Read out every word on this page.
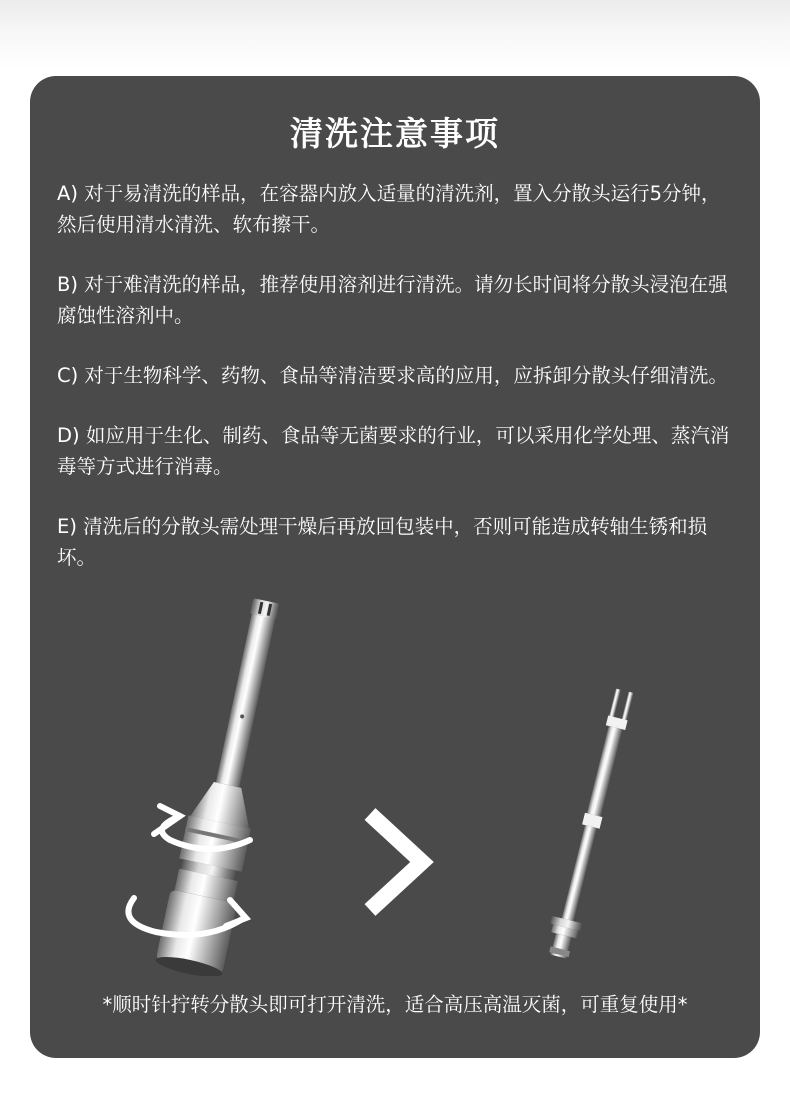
清洗注意事项

A) 对于易清洗的样品，在容器内放入适量的清洗剂，置入分散头运行5分钟，然后使用清水清洗、软布擦干。

B) 对于难清洗的样品，推荐使用溶剂进行清洗。请勿长时间将分散头浸泡在强腐蚀性溶剂中。

C) 对于生物科学、药物、食品等清洁要求高的应用，应拆卸分散头仔细清洗。

D) 如应用于生化、制药、食品等无菌要求的行业，可以采用化学处理、蒸汽消毒等方式进行消毒。

E) 清洗后的分散头需处理干燥后再放回包装中，否则可能造成转轴生锈和损坏。

*顺时针拧转分散头即可打开清洗，适合高压高温灭菌，可重复使用*
